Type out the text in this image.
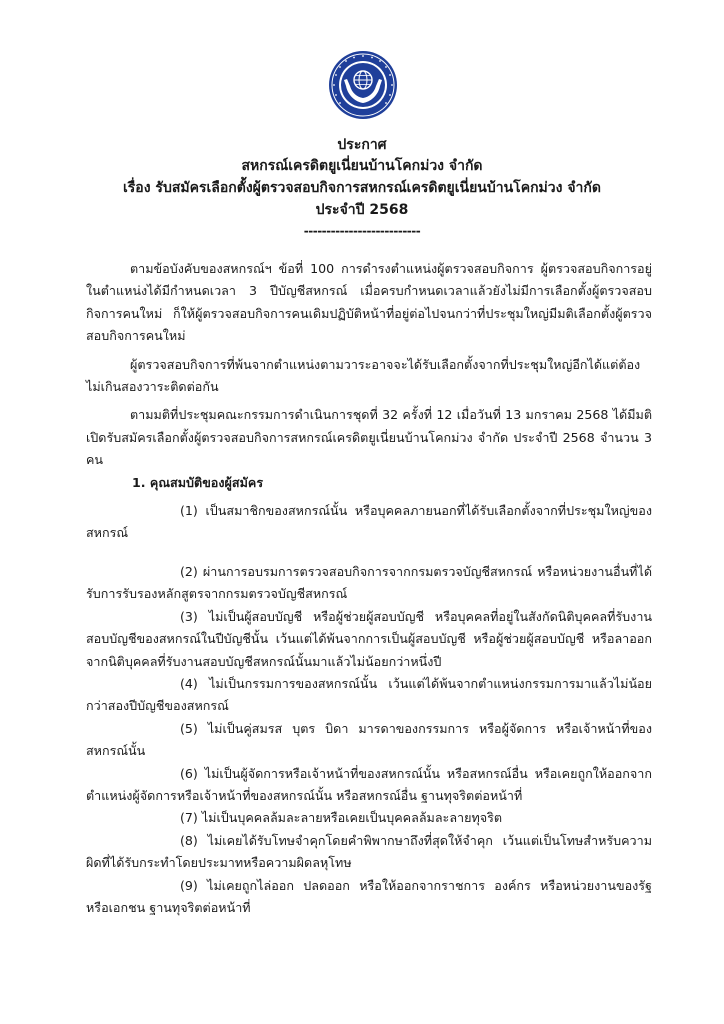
ประกาศ
สหกรณ์เครดิตยูเนี่ยนบ้านโคกม่วง จำกัด
เรื่อง รับสมัครเลือกตั้งผู้ตรวจสอบกิจการสหกรณ์เครดิตยูเนี่ยนบ้านโคกม่วง จำกัด
ประจำปี 2568
--------------------------

ตามข้อบังคับของสหกรณ์ฯ ข้อที่ 100 การดำรงตำแหน่งผู้ตรวจสอบกิจการ ผู้ตรวจสอบกิจการอยู่ในตำแหน่งได้มีกำหนดเวลา 3 ปีบัญชีสหกรณ์ เมื่อครบกำหนดเวลาแล้วยังไม่มีการเลือกตั้งผู้ตรวจสอบกิจการคนใหม่ ก็ให้ผู้ตรวจสอบกิจการคนเดิมปฏิบัติหน้าที่อยู่ต่อไปจนกว่าที่ประชุมใหญ่มีมติเลือกตั้งผู้ตรวจสอบกิจการคนใหม่

ผู้ตรวจสอบกิจการที่พ้นจากตำแหน่งตามวาระอาจจะได้รับเลือกตั้งจากที่ประชุมใหญ่อีกได้แต่ต้องไม่เกินสองวาระติดต่อกัน

ตามมติที่ประชุมคณะกรรมการดำเนินการชุดที่ 32 ครั้งที่ 12 เมื่อวันที่ 13 มกราคม 2568 ได้มีมติเปิดรับสมัครเลือกตั้งผู้ตรวจสอบกิจการสหกรณ์เครดิตยูเนี่ยนบ้านโคกม่วง จำกัด ประจำปี 2568 จำนวน 3 คน

1. คุณสมบัติของผู้สมัคร

(1) เป็นสมาชิกของสหกรณ์นั้น หรือบุคคลภายนอกที่ได้รับเลือกตั้งจากที่ประชุมใหญ่ของสหกรณ์

(2) ผ่านการอบรมการตรวจสอบกิจการจากกรมตรวจบัญชีสหกรณ์ หรือหน่วยงานอื่นที่ได้รับการรับรองหลักสูตรจากกรมตรวจบัญชีสหกรณ์

(3) ไม่เป็นผู้สอบบัญชี หรือผู้ช่วยผู้สอบบัญชี หรือบุคคลที่อยู่ในสังกัดนิติบุคคลที่รับงานสอบบัญชีของสหกรณ์ในปีบัญชีนั้น เว้นแต่ได้พ้นจากการเป็นผู้สอบบัญชี หรือผู้ช่วยผู้สอบบัญชี หรือลาออกจากนิติบุคคลที่รับงานสอบบัญชีสหกรณ์นั้นมาแล้วไม่น้อยกว่าหนึ่งปี

(4) ไม่เป็นกรรมการของสหกรณ์นั้น เว้นแต่ได้พ้นจากตำแหน่งกรรมการมาแล้วไม่น้อยกว่าสองปีบัญชีของสหกรณ์

(5) ไม่เป็นคู่สมรส บุตร บิดา มารดาของกรรมการ หรือผู้จัดการ หรือเจ้าหน้าที่ของสหกรณ์นั้น

(6) ไม่เป็นผู้จัดการหรือเจ้าหน้าที่ของสหกรณ์นั้น หรือสหกรณ์อื่น หรือเคยถูกให้ออกจากตำแหน่งผู้จัดการหรือเจ้าหน้าที่ของสหกรณ์นั้น หรือสหกรณ์อื่น ฐานทุจริตต่อหน้าที่

(7) ไม่เป็นบุคคลล้มละลายหรือเคยเป็นบุคคลล้มละลายทุจริต

(8) ไม่เคยได้รับโทษจำคุกโดยคำพิพากษาถึงที่สุดให้จำคุก เว้นแต่เป็นโทษสำหรับความผิดที่ได้รับกระทำโดยประมาทหรือความผิดลหุโทษ

(9) ไม่เคยถูกไล่ออก ปลดออก หรือให้ออกจากราชการ องค์กร หรือหน่วยงานของรัฐ หรือเอกชน ฐานทุจริตต่อหน้าที่
